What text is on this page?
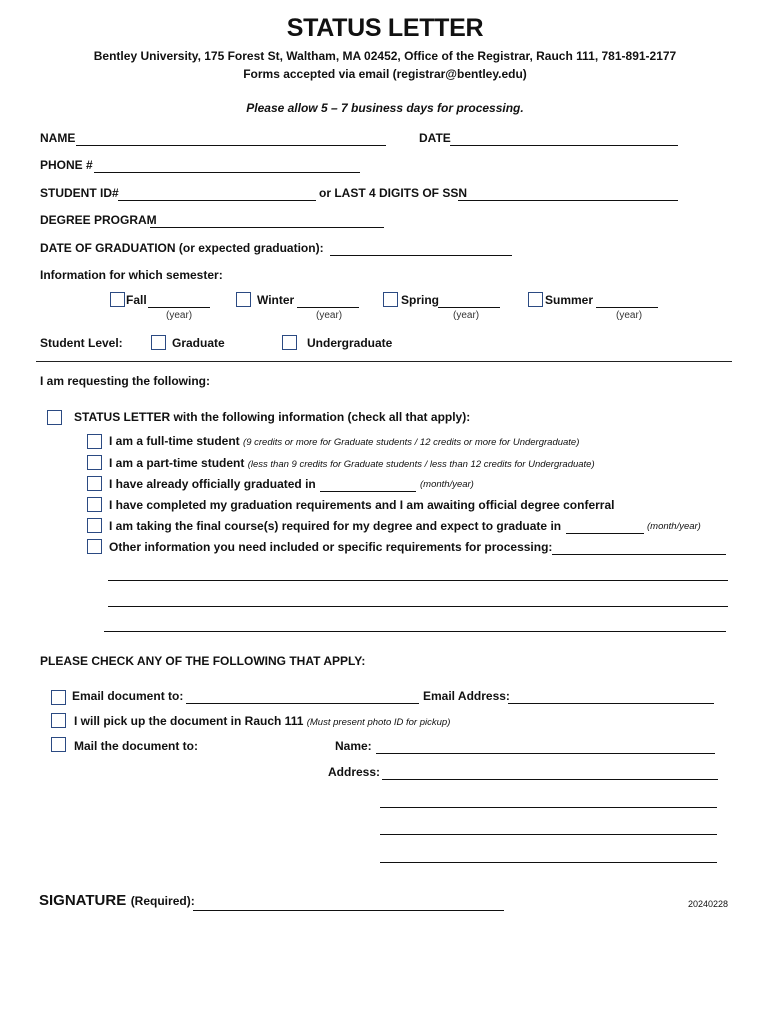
STATUS LETTER
Bentley University, 175 Forest St, Waltham, MA 02452, Office of the Registrar, Rauch 111, 781-891-2177
Forms accepted via email (registrar@bentley.edu)
Please allow 5 – 7 business days for processing.
NAME	DATE
PHONE #
STUDENT ID#	or LAST 4 DIGITS OF SSN
DEGREE PROGRAM
DATE OF GRADUATION (or expected graduation):
Information for which semester:
Fall
(year)
Winter
(year)
Spring
(year)
Summer
(year)
Student Level:	Graduate	Undergraduate
I am requesting the following:
STATUS LETTER with the following information (check all that apply):
I am a full-time student (9 credits or more for Graduate students / 12 credits or more for Undergraduate)
I am a part-time student (less than 9 credits for Graduate students / less than 12 credits for Undergraduate)
I have already officially graduated in	(month/year)
I have completed my graduation requirements and I am awaiting official degree conferral
I am taking the final course(s) required for my degree and expect to graduate in	(month/year)
Other information you need included or specific requirements for processing:
PLEASE CHECK ANY OF THE FOLLOWING THAT APPLY:
Email document to:	Email Address:
I will pick up the document in Rauch 111 (Must present photo ID for pickup)
Mail the document to:	Name:
Address:
SIGNATURE (Required):	20240228
